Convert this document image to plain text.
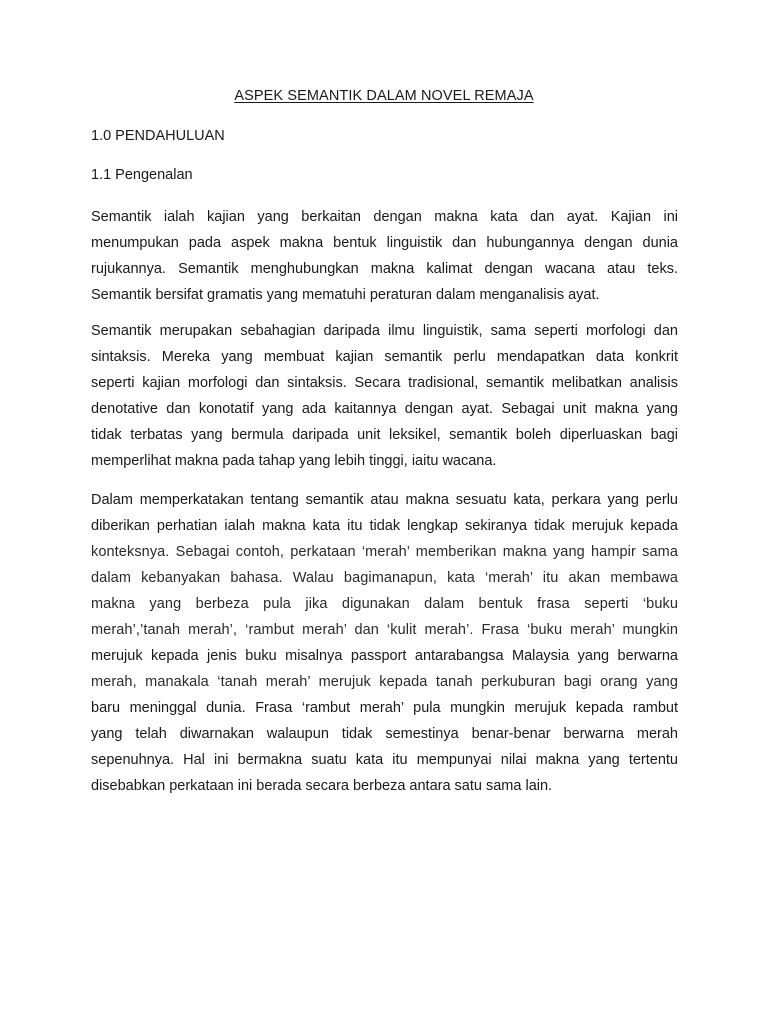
ASPEK SEMANTIK DALAM NOVEL REMAJA
1.0 PENDAHULUAN
1.1 Pengenalan
Semantik ialah kajian yang berkaitan dengan makna kata dan ayat. Kajian ini
menumpukan pada aspek makna bentuk linguistik dan hubungannya dengan dunia
rujukannya. Semantik menghubungkan makna kalimat dengan wacana atau teks.
Semantik bersifat gramatis yang mematuhi peraturan dalam menganalisis ayat.
Semantik merupakan sebahagian daripada ilmu linguistik, sama seperti morfologi dan
sintaksis. Mereka yang membuat kajian semantik perlu mendapatkan data konkrit
seperti kajian morfologi dan sintaksis. Secara tradisional, semantik melibatkan analisis
denotative dan konotatif yang ada kaitannya dengan ayat. Sebagai unit makna yang
tidak terbatas yang bermula daripada unit leksikel, semantik boleh diperluaskan bagi
memperlihat makna pada tahap yang lebih tinggi, iaitu wacana.
Dalam memperkatakan tentang semantik atau makna sesuatu kata, perkara yang perlu
diberikan perhatian ialah makna kata itu tidak lengkap sekiranya tidak merujuk kepada
konteksnya. Sebagai contoh, perkataan ‘merah’ memberikan makna yang hampir sama
dalam kebanyakan bahasa. Walau bagimanapun, kata ‘merah’ itu akan membawa
makna yang berbeza pula jika digunakan dalam bentuk frasa seperti ‘buku
merah’,’tanah merah’, ‘rambut merah’ dan ‘kulit merah’. Frasa ‘buku merah’ mungkin
merujuk kepada jenis buku misalnya passport antarabangsa Malaysia yang berwarna
merah, manakala ‘tanah merah’ merujuk kepada tanah perkuburan bagi orang yang
baru meninggal dunia. Frasa ‘rambut merah’ pula mungkin merujuk kepada rambut
yang telah diwarnakan walaupun tidak semestinya benar-benar berwarna merah
sepenuhnya. Hal ini bermakna suatu kata itu mempunyai nilai makna yang tertentu
disebabkan perkataan ini berada secara berbeza antara satu sama lain.
